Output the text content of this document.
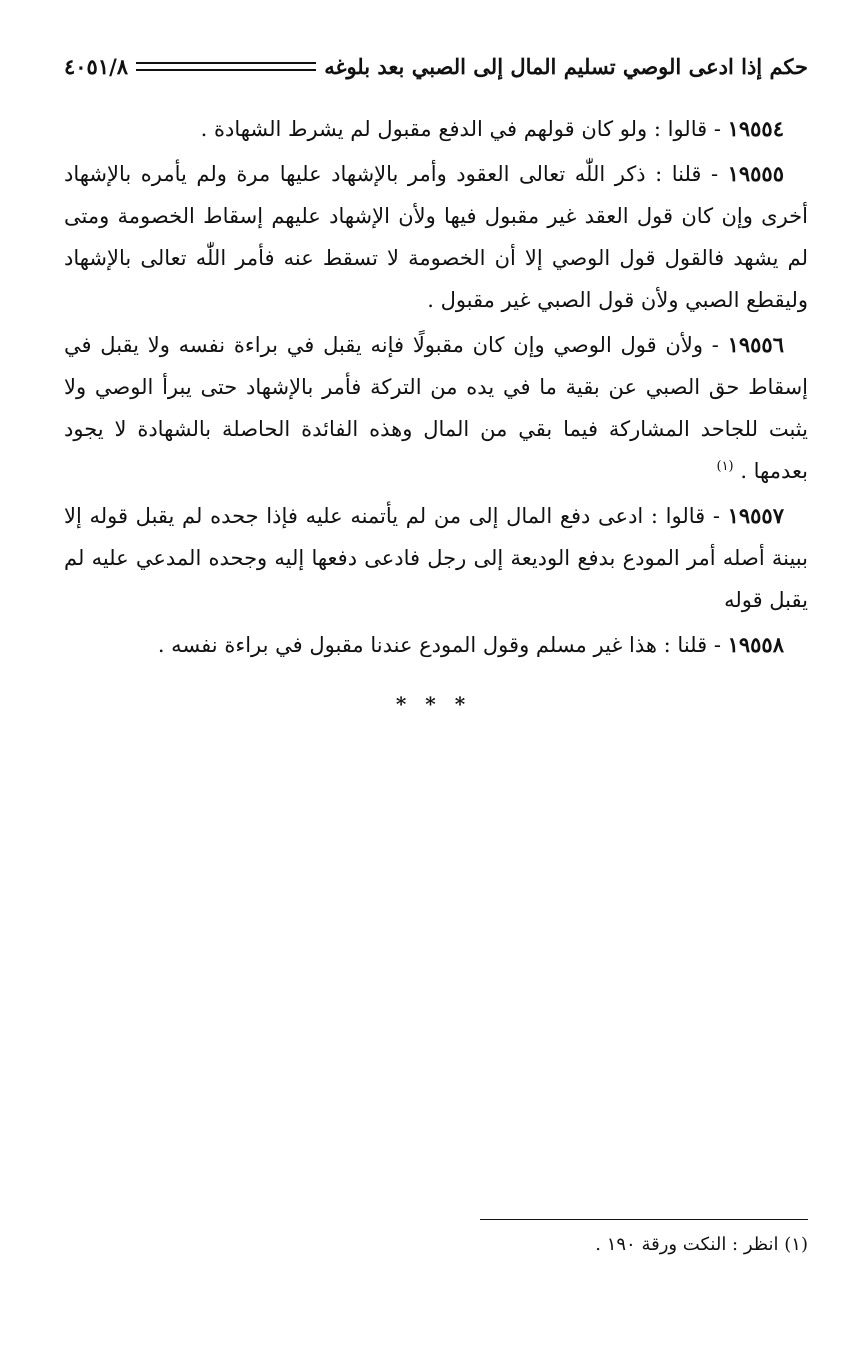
حكم إذا ادعى الوصي تسليم المال إلى الصبي بعد بلوغه
٤٠٥١/٨

١٩٥٥٤ - قالوا : ولو كان قولهم في الدفع مقبول لم يشرط الشهادة .

١٩٥٥٥ - قلنا : ذكر اللّٰه تعالى العقود وأمر بالإشهاد عليها مرة ولم يأمره بالإشهاد أخرى وإن كان قول العقد غير مقبول فيها ولأن الإشهاد عليهم إسقاط الخصومة ومتى لم يشهد فالقول قول الوصي إلا أن الخصومة لا تسقط عنه فأمر اللّٰه تعالى بالإشهاد وليقطع الصبي ولأن قول الصبي غير مقبول .

١٩٥٥٦ - ولأن قول الوصي وإن كان مقبولًا فإنه يقبل في براءة نفسه ولا يقبل في إسقاط حق الصبي عن بقية ما في يده من التركة فأمر بالإشهاد حتى يبرأ الوصي ولا يثبت للجاحد المشاركة فيما بقي من المال وهذه الفائدة الحاصلة بالشهادة لا يجود بعدمها . $^{(١)}$

١٩٥٥٧ - قالوا : ادعى دفع المال إلى من لم يأتمنه عليه فإذا جحده لم يقبل قوله إلا ببينة أصله أمر المودع بدفع الوديعة إلى رجل فادعى دفعها إليه وجحده المدعي عليه لم يقبل قوله

١٩٥٥٨ - قلنا : هذا غير مسلم وقول المودع عندنا مقبول في براءة نفسه .

* * *
(١) انظر : النكت ورقة ١٩٠ .
